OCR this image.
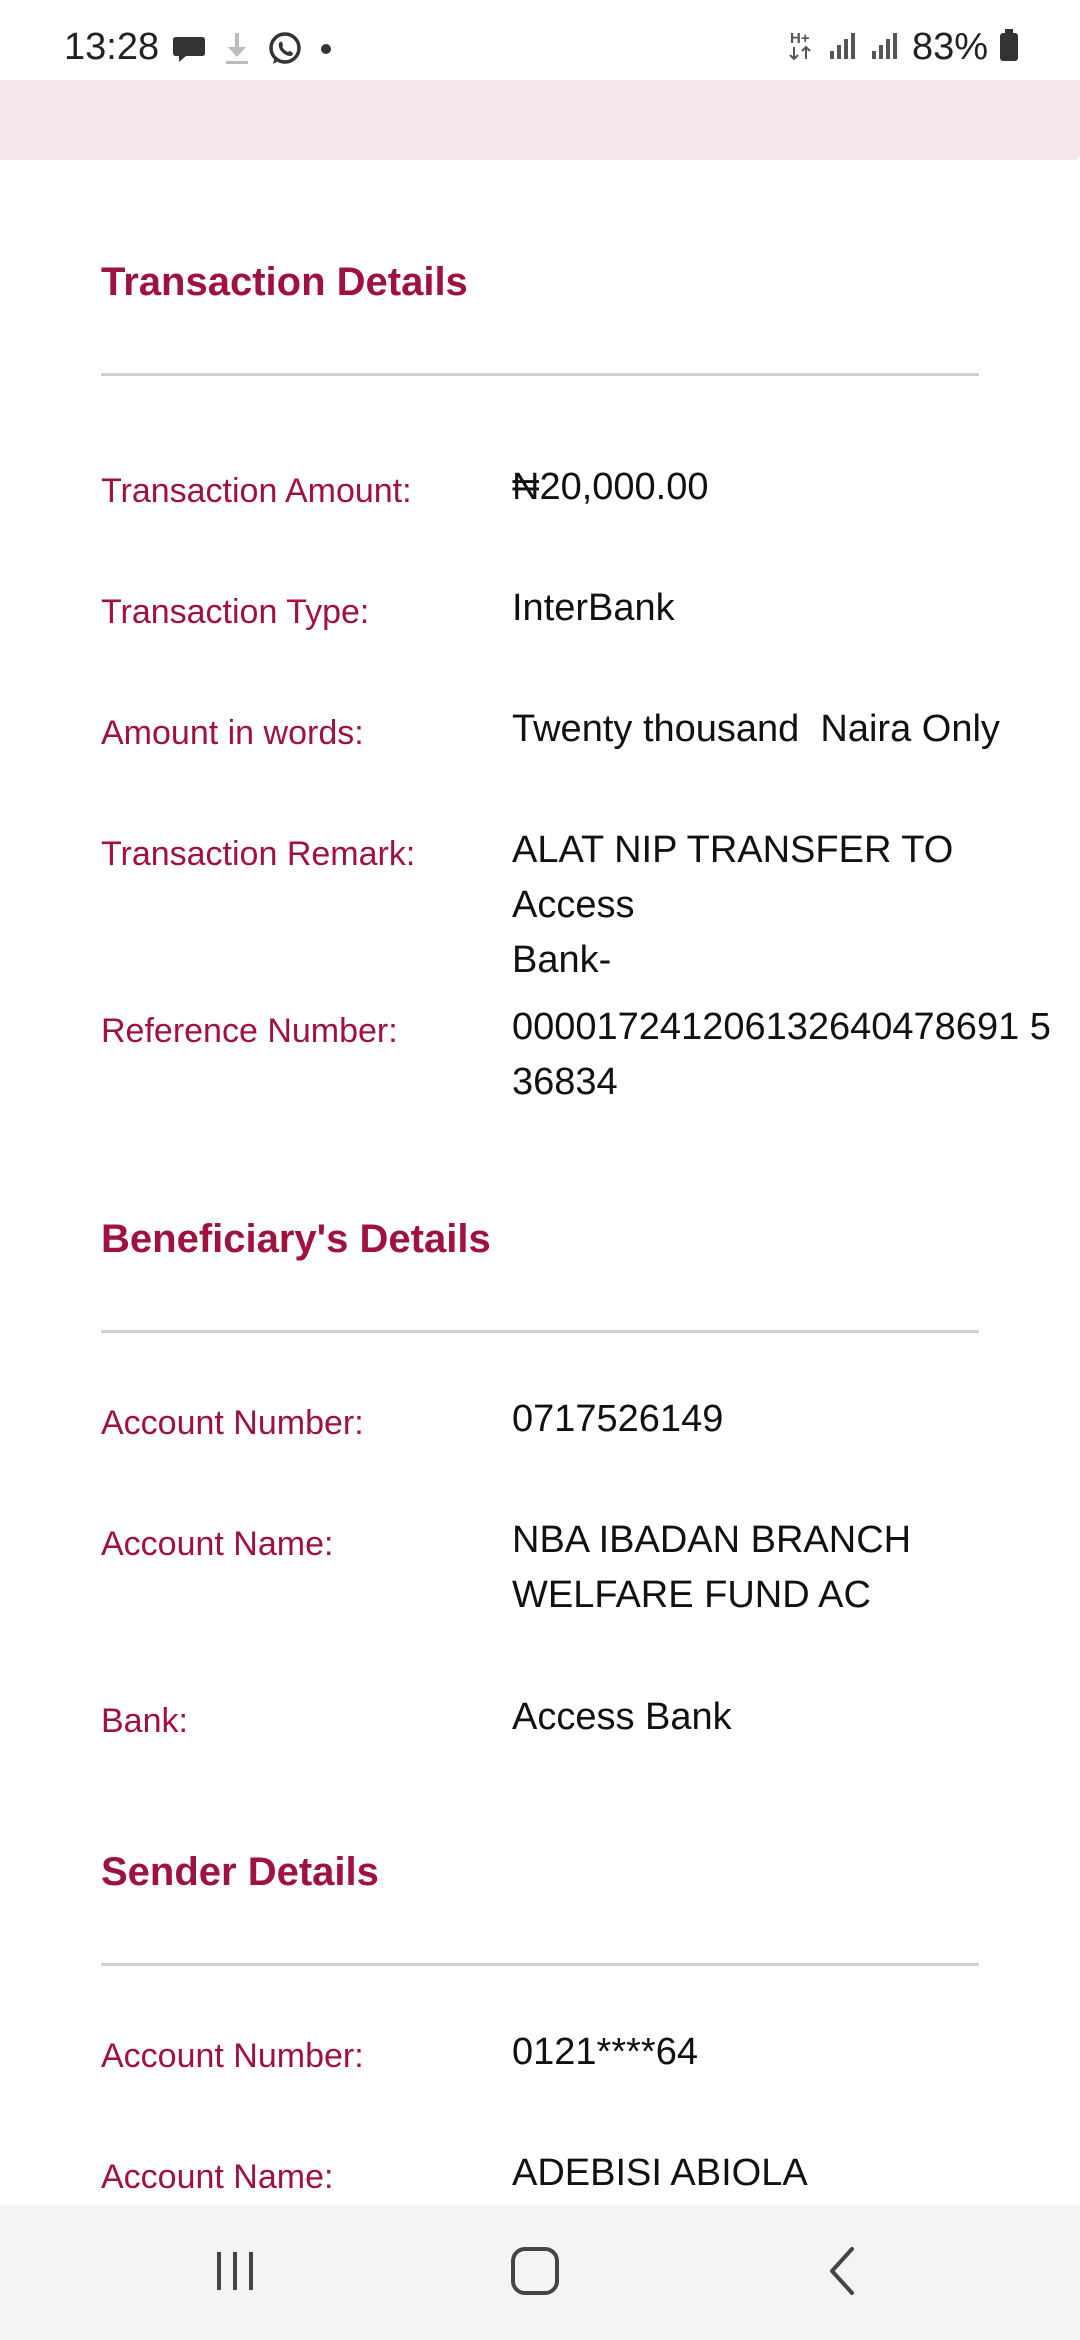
13:28	H+	83%
Transaction Details
Transaction Amount:	₦20,000.00
Transaction Type:	InterBank
Amount in words:	Twenty thousand  Naira Only
Transaction Remark:	ALAT NIP TRANSFER TO Access
Bank-
Reference Number:	000017241206132640478691 5
36834
Beneficiary's Details
Account Number:	0717526149
Account Name:	NBA IBADAN BRANCH
WELFARE FUND AC
Bank:	Access Bank
Sender Details
Account Number:	0121****64
Account Name:	ADEBISI ABIOLA
